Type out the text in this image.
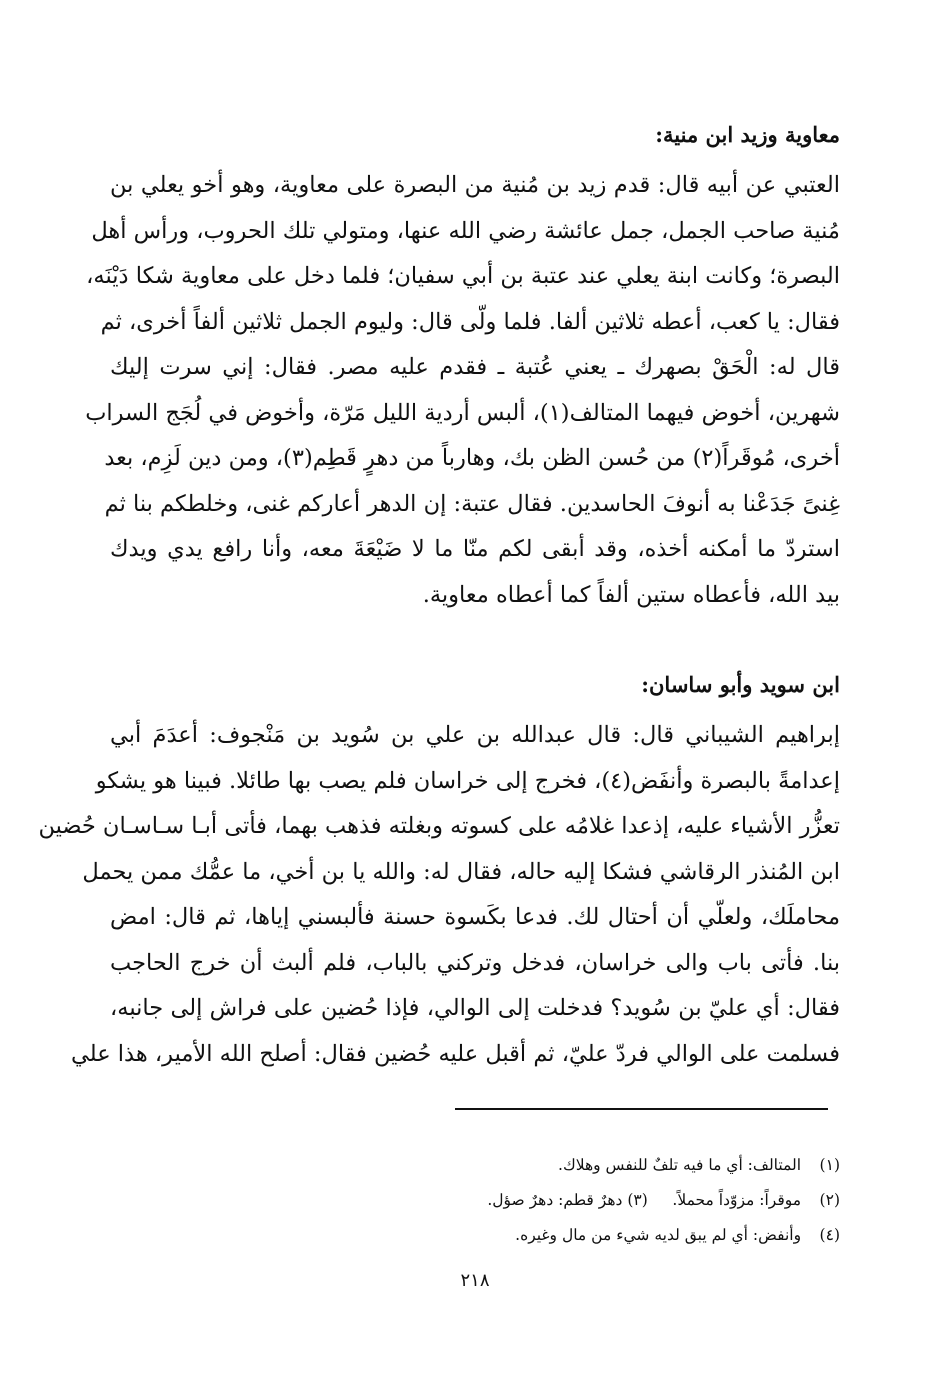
معاوية وزيد ابن منية:
العتبي عن أبيه قال: قدم زيد بن مُنية من البصرة على معاوية، وهو أخو يعلي بن
مُنية صاحب الجمل، جمل عائشة رضي الله عنها، ومتولي تلك الحروب، ورأس أهل
البصرة؛ وكانت ابنة يعلي عند عتبة بن أبي سفيان؛ فلما دخل على معاوية شكا دَيْنَه،
فقال: يا كعب، أعطه ثلاثين ألفا. فلما ولّى قال: وليوم الجمل ثلاثين ألفاً أخرى، ثم
قال له: الْحَقْ بصهرك ـ يعني عُتبة ـ فقدم عليه مصر. فقال: إني سرت إليك
شهرين، أخوض فيهما المتالف(١)، ألبس أردية الليل مَرّة، وأخوض في لُجَج السراب
أخرى، مُوقَراً(٢) من حُسن الظن بك، وهارباً من دهرٍ قَطِم(٣)، ومن دين لَزِم، بعد
غِنىً جَدَعْنا به أنوفَ الحاسدين. فقال عتبة: إن الدهر أعاركم غنى، وخلطكم بنا ثم
استردّ ما أمكنه أخذه، وقد أبقى لكم منّا ما لا ضَيْعَةَ معه، وأنا رافع يدي ويدك
بيد الله، فأعطاه ستين ألفاً كما أعطاه معاوية.
ابن سويد وأبو ساسان:
إبراهيم الشيباني قال: قال عبدالله بن علي بن سُويد بن مَنْجوف: أعدَمَ أبي
إعدامةً بالبصرة وأنفَض(٤)، فخرج إلى خراسان فلم يصب بها طائلا. فبينا هو يشكو
تعزُّر الأشياء عليه، إذعدا غلامُه على كسوته وبغلته فذهب بهما، فأتى أبـا سـاسـان حُضين
ابن المُنذر الرقاشي فشكا إليه حاله، فقال له: والله يا بن أخي، ما عمُّك ممن يحمل
محاملَك، ولعلّي أن أحتال لك. فدعا بكَسوة حسنة فألبسني إياها، ثم قال: امض
بنا. فأتى باب والى خراسان، فدخل وتركني بالباب، فلم ألبث أن خرج الحاجب
فقال: أي عليّ بن سُويد؟ فدخلت إلى الوالي، فإذا حُضين على فراش إلى جانبه،
فسلمت على الوالي فردّ عليّ، ثم أقبل عليه حُضين فقال: أصلح الله الأمير، هذا علي
(١) المتالف: أي ما فيه تلفٌ للنفس وهلاك.
(٢) موقراً: مزوّداً محملاً.     (٣) دهرٌ قطم: دهرٌ صؤل.
(٤) وأنفض: أي لم يبق لديه شيء من مال وغيره.
٢١٨
